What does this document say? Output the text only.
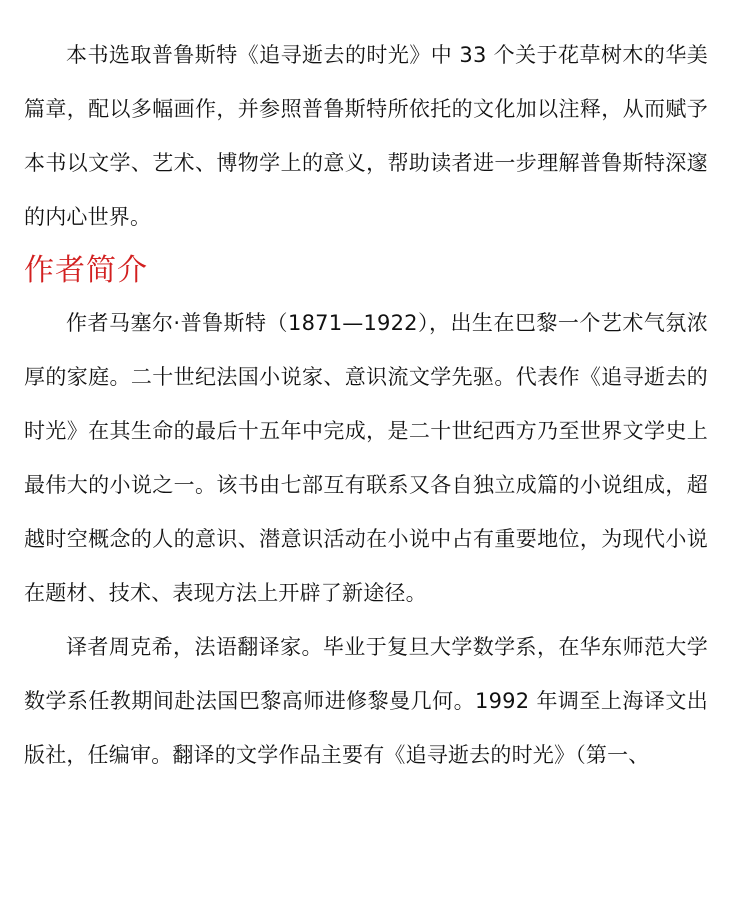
本书选取普鲁斯特《追寻逝去的时光》中 33 个关于花草树木的华美篇章，配以多幅画作，并参照普鲁斯特所依托的文化加以注释，从而赋予本书以文学、艺术、博物学上的意义，帮助读者进一步理解普鲁斯特深邃的内心世界。

作者简介

作者马塞尔·普鲁斯特（1871—1922），出生在巴黎一个艺术气氛浓厚的家庭。二十世纪法国小说家、意识流文学先驱。代表作《追寻逝去的时光》在其生命的最后十五年中完成，是二十世纪西方乃至世界文学史上最伟大的小说之一。该书由七部互有联系又各自独立成篇的小说组成，超越时空概念的人的意识、潜意识活动在小说中占有重要地位，为现代小说在题材、技术、表现方法上开辟了新途径。

译者周克希，法语翻译家。毕业于复旦大学数学系，在华东师范大学数学系任教期间赴法国巴黎高师进修黎曼几何。1992 年调至上海译文出版社，任编审。翻译的文学作品主要有《追寻逝去的时光》（第一、
